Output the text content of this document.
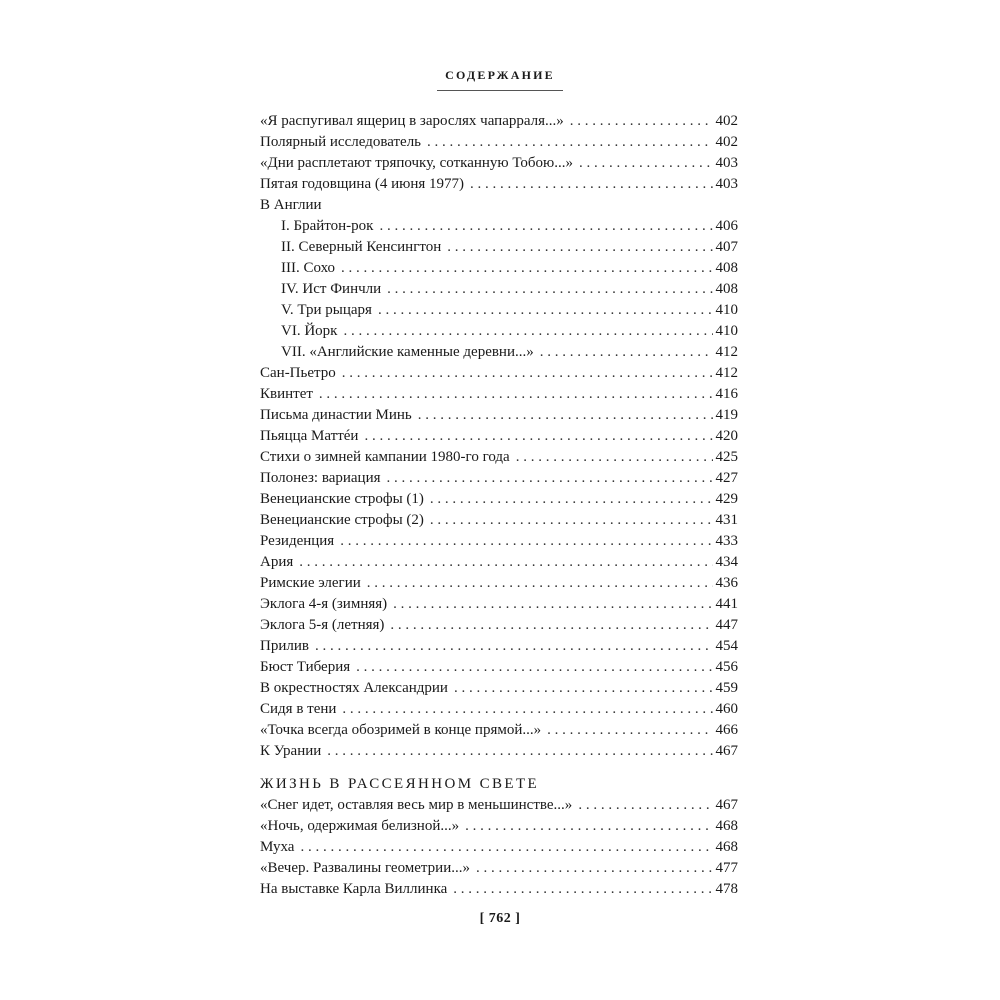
СОДЕРЖАНИЕ
«Я распугивал ящериц в зарослях чапарраля...» . . .	402
Полярный исследователь . . .	402
«Дни расплетают тряпочку, сотканную Тобою...» . . .	403
Пятая годовщина (4 июня 1977) . . .	403
В Англии
I. Брайтон-рок . . .	406
II. Северный Кенсингтон . . .	407
III. Сохо . . .	408
IV. Ист Финчли . . .	408
V. Три рыцаря . . .	410
VI. Йорк . . .	410
VII. «Английские каменные деревни...» . . .	412
Сан-Пьетро . . .	412
Квинтет . . .	416
Письма династии Минь . . .	419
Пьяцца Маттéи . . .	420
Стихи о зимней кампании 1980-го года . . .	425
Полонез: вариация . . .	427
Венецианские строфы (1) . . .	429
Венецианские строфы (2) . . .	431
Резиденция . . .	433
Ария . . .	434
Римские элегии . . .	436
Эклога 4-я (зимняя) . . .	441
Эклога 5-я (летняя) . . .	447
Прилив . . .	454
Бюст Тиберия . . .	456
В окрестностях Александрии . . .	459
Сидя в тени . . .	460
«Точка всегда обозримей в конце прямой...» . . .	466
К Урании . . .	467
ЖИЗНЬ В РАССЕЯННОМ СВЕТЕ
«Снег идет, оставляя весь мир в меньшинстве...» . . .	467
«Ночь, одержимая белизной...» . . .	468
Муха . . .	468
«Вечер. Развалины геометрии...» . . .	477
На выставке Карла Виллинка . . .	478
[ 762 ]
